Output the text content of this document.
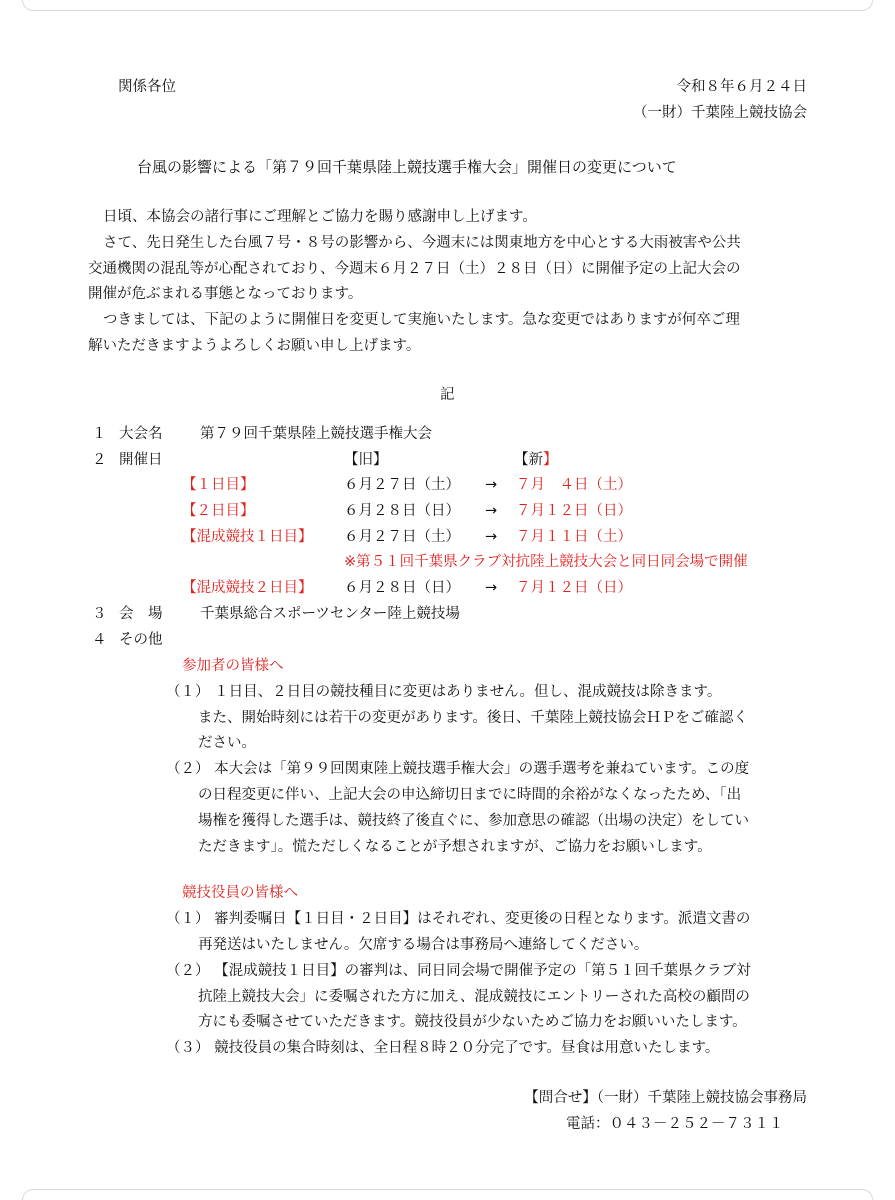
関係各位	令和８年６月２４日
（一財）千葉陸上競技協会
台風の影響による「第７９回千葉県陸上競技選手権大会」開催日の変更について
日頃、本協会の諸行事にご理解とご協力を賜り感謝申し上げます。
さて、先日発生した台風７号・８号の影響から、今週末には関東地方を中心とする大雨被害や公共
交通機関の混乱等が心配されており、今週末６月２７日（土）２８日（日）に開催予定の上記大会の
開催が危ぶまれる事態となっております。
つきましては、下記のように開催日を変更して実施いたします。急な変更ではありますが何卒ご理
解いただきますようよろしくお願い申し上げます。
記
１ 大会名	第７９回千葉県陸上競技選手権大会
２ 開催日	【旧】	【新】
【１日目】	６月２７日（土） → ７月　４日（土）
【２日目】	６月２８日（日） → ７月１２日（日）
【混成競技１日目】 ６月２７日（土） → ７月１１日（土）
※第５１回千葉県クラブ対抗陸上競技大会と同日同会場で開催
【混成競技２日目】 ６月２８日（日） → ７月１２日（日）
３ 会　場	千葉県総合スポーツセンター陸上競技場
４ その他
参加者の皆様へ
（１） １日目、２日目の競技種目に変更はありません。但し、混成競技は除きます。
また、開始時刻には若干の変更があります。後日、千葉陸上競技協会ＨＰをご確認く
ださい。
（２） 本大会は「第９９回関東陸上競技選手権大会」の選手選考を兼ねています。この度
の日程変更に伴い、上記大会の申込締切日までに時間的余裕がなくなったため、「出
場権を獲得した選手は、競技終了後直ぐに、参加意思の確認（出場の決定）をしてい
ただきます」。慌ただしくなることが予想されますが、ご協力をお願いします。
競技役員の皆様へ
（１） 審判委嘱日【１日目・２日目】はそれぞれ、変更後の日程となります。派遣文書の
再発送はいたしません。欠席する場合は事務局へ連絡してください。
（２） 【混成競技１日目】の審判は、同日同会場で開催予定の「第５１回千葉県クラブ対
抗陸上競技大会」に委嘱された方に加え、混成競技にエントリーされた高校の顧問の
方にも委嘱させていただきます。競技役員が少ないためご協力をお願いいたします。
（３） 競技役員の集合時刻は、全日程８時２０分完了です。昼食は用意いたします。
【問合せ】（一財）千葉陸上競技協会事務局
電話：０４３－２５２－７３１１
